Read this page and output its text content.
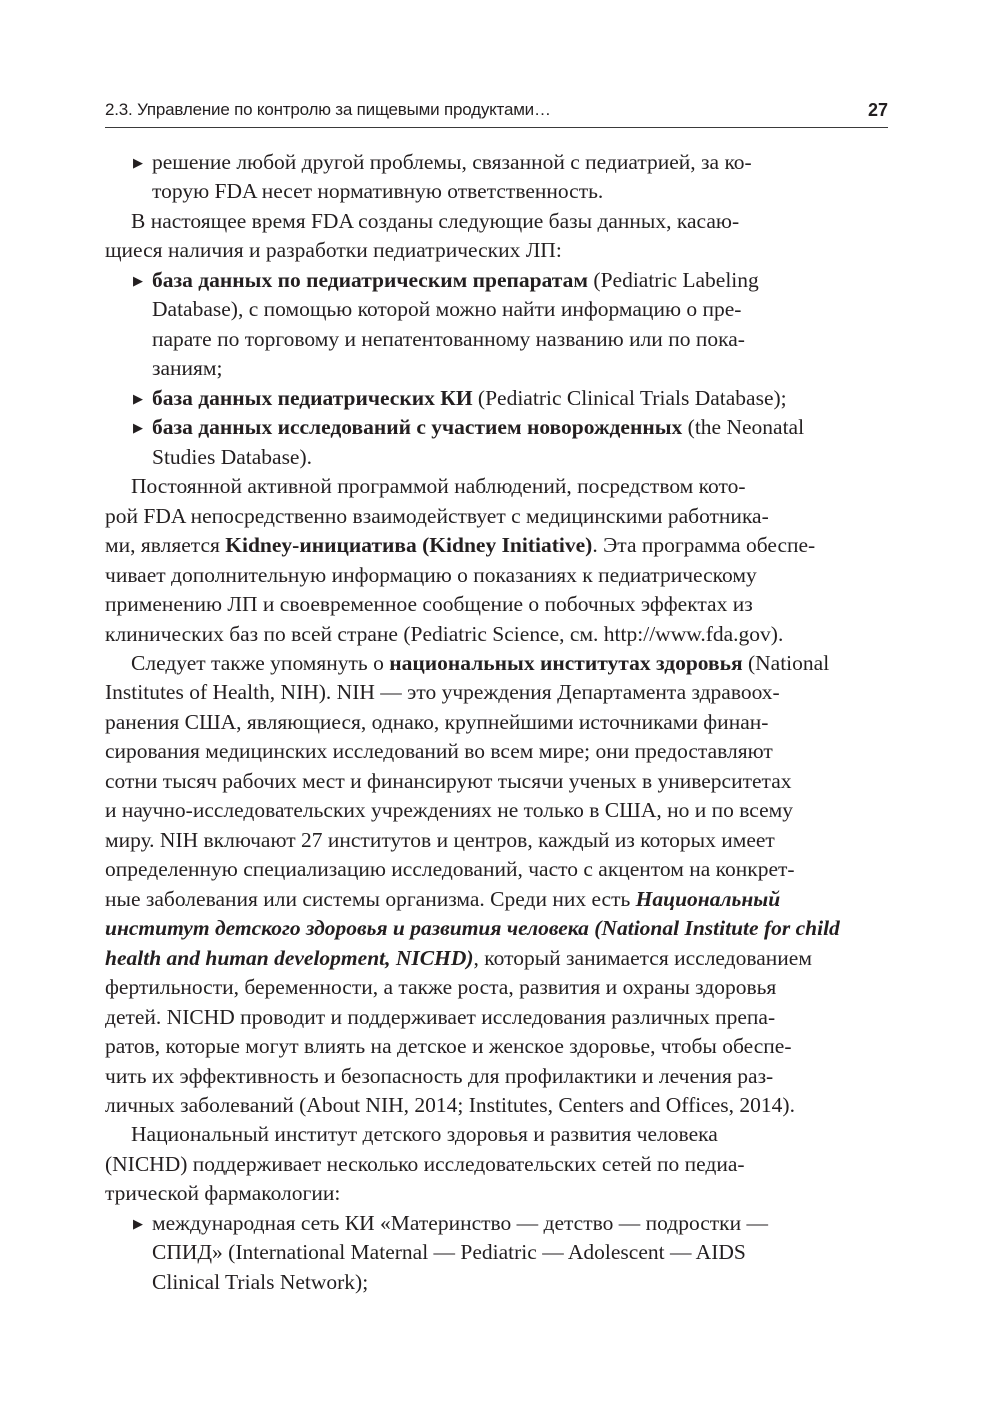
2.3. Управление по контролю за пищевыми продуктами…	27
▶ решение любой другой проблемы, связанной с педиатрией, за ко-
торую FDA несет нормативную ответственность.
В настоящее время FDA созданы следующие базы данных, касаю-
щиеся наличия и разработки педиатрических ЛП:
▶ база данных по педиатрическим препаратам (Pediatric Labeling
Database), с помощью которой можно найти информацию о пре-
парате по торговому и непатентованному названию или по пока-
заниям;
▶ база данных педиатрических КИ (Pediatric Clinical Trials Database);
▶ база данных исследований с участием новорожденных (the Neonatal
Studies Database).
Постоянной активной программой наблюдений, посредством кото-
рой FDA непосредственно взаимодействует с медицинскими работника-
ми, является Kidney-инициатива (Kidney Initiative). Эта программа обеспе-
чивает дополнительную информацию о показаниях к педиатрическому
применению ЛП и своевременное сообщение о побочных эффектах из
клинических баз по всей стране (Pediatric Science, см. http://www.fda.gov).
Следует также упомянуть о национальных институтах здоровья (National
Institutes of Health, NIH). NIH — это учреждения Департамента здравоох-
ранения США, являющиеся, однако, крупнейшими источниками финан-
сирования медицинских исследований во всем мире; они предоставляют
сотни тысяч рабочих мест и финансируют тысячи ученых в университетах
и научно-исследовательских учреждениях не только в США, но и по всему
миру. NIH включают 27 институтов и центров, каждый из которых имеет
определенную специализацию исследований, часто с акцентом на конкрет-
ные заболевания или системы организма. Среди них есть Национальный
институт детского здоровья и развития человека (National Institute for child
health and human development, NICHD), который занимается исследованием
фертильности, беременности, а также роста, развития и охраны здоровья
детей. NICHD проводит и поддерживает исследования различных препа-
ратов, которые могут влиять на детское и женское здоровье, чтобы обеспе-
чить их эффективность и безопасность для профилактики и лечения раз-
личных заболеваний (About NIH, 2014; Institutes, Centers and Offices, 2014).
Национальный институт детского здоровья и развития человека
(NICHD) поддерживает несколько исследовательских сетей по педиа-
трической фармакологии:
▶ международная сеть КИ «Материнство — детство — подростки —
СПИД» (International Maternal — Pediatric — Adolescent — AIDS
Clinical Trials Network);
